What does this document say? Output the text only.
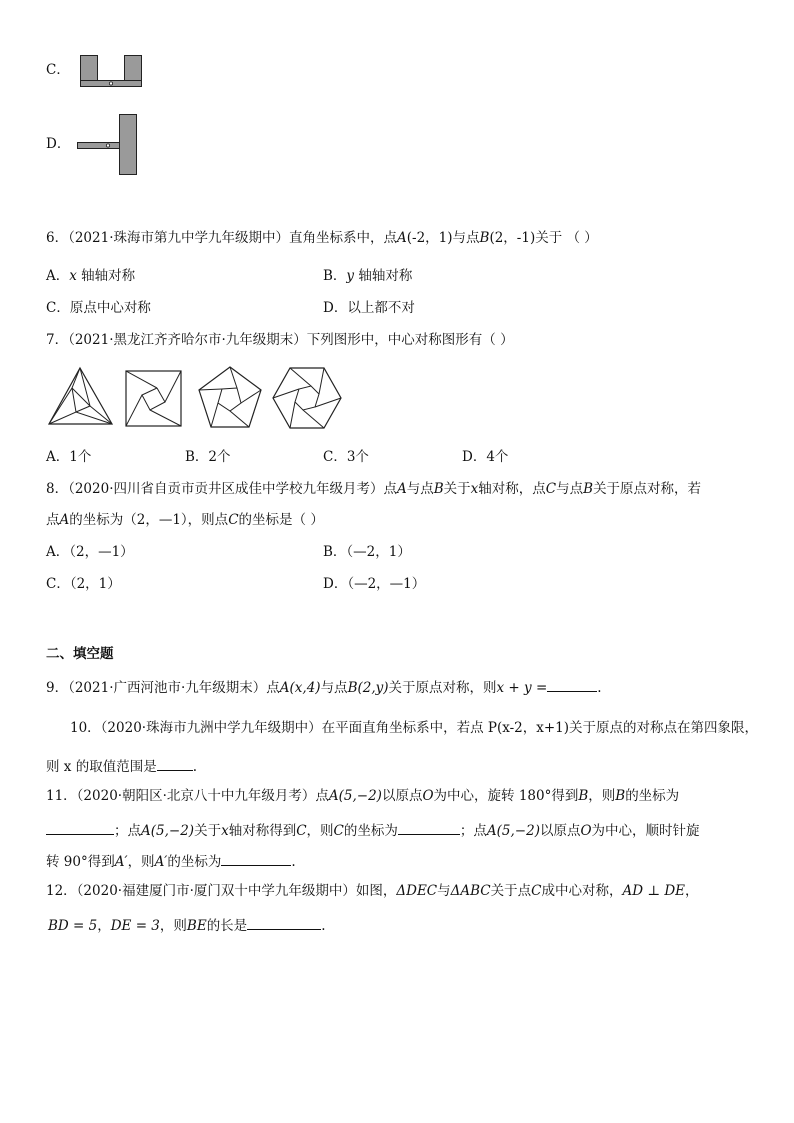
C．
D．
6．（2021·珠海市第九中学九年级期中）直角坐标系中，点A(-2，1)与点B(2，-1)关于 （ ）
A．x 轴轴对称	B．y 轴轴对称
C．原点中心对称	D．以上都不对
7．（2021·黑龙江齐齐哈尔市·九年级期末）下列图形中，中心对称图形有（ ）
A．1个	B．2个	C．3个	D．4个
8．（2020·四川省自贡市贡井区成佳中学校九年级月考）点A与点B关于x轴对称，点C与点B关于原点对称，若
点A的坐标为（2，—1），则点C的坐标是（ ）
A．（2，—1）	B．（—2，1）
C．（2，1）	D．（—2，—1）
二、填空题
9．（2021·广西河池市·九年级期末）点A(x,4)与点B(2,y)关于原点对称，则x + y =	.
10．（2020·珠海市九洲中学九年级期中）在平面直角坐标系中，若点 P(x-2，x+1)关于原点的对称点在第四象限，
则 x 的取值范围是	.
11．（2020·朝阳区·北京八十中九年级月考）点A(5,−2)以原点O为中心，旋转 180°得到B，则B的坐标为
；点A(5,−2)关于x轴对称得到C，则C的坐标为	；点A(5,−2)以原点O为中心，顺时针旋
转 90°得到A′，则A′的坐标为	.
12．（2020·福建厦门市·厦门双十中学九年级期中）如图，ΔDEC与ΔABC关于点C成中心对称，AD ⊥ DE，
BD = 5，DE = 3，则BE的长是	.
